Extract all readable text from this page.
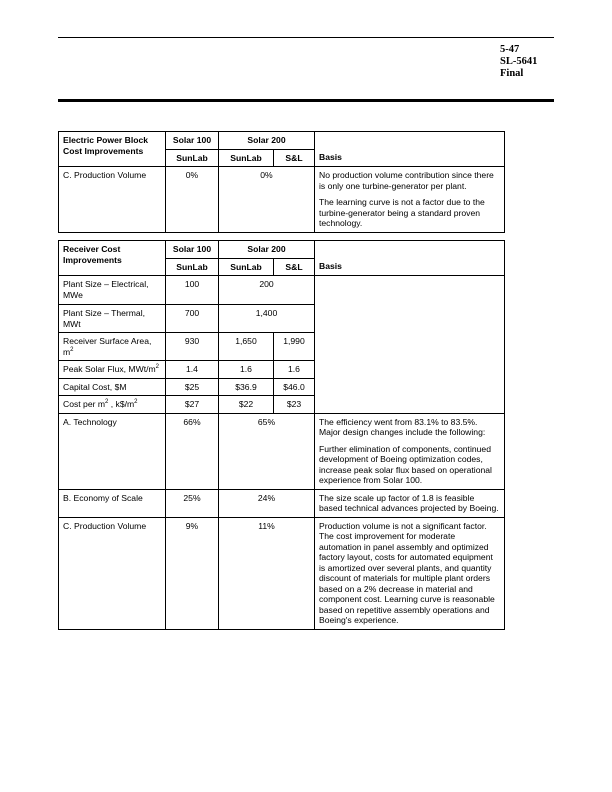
5-47
SL-5641
Final
Electric Power Block Cost Improvements	Solar 100	Solar 200		Basis
	SunLab	SunLab	S&L	
C. Production Volume	0%	0%		No production volume contribution since there is only one turbine-generator per plant.

The learning curve is not a factor due to the turbine-generator being a standard proven technology.

Receiver Cost Improvements	Solar 100	Solar 200		Basis
	SunLab	SunLab	S&L	
Plant Size – Electrical, MWe	100	200		
Plant Size – Thermal, MWt	700	1,400		
Receiver Surface Area, $m^2$	930	1,650	1,990	
Peak Solar Flux, MWt/$m^2$	1.4	1.6	1.6	
Capital Cost, $M	$25	$36.9	$46.0	
Cost per $m^2$ , $k\$/m^2$	$27	$22	$23	
A. Technology	66%	65%		The efficiency went from 83.1% to 83.5%. Major design changes include the following:

Further elimination of components, continued development of Boeing optimization codes, increase peak solar flux based on operational experience from Solar 100.

B. Economy of Scale	25%	24%		The size scale up factor of 1.8 is feasible based technical advances projected by Boeing.

C. Production Volume	9%	11%		Production volume is not a significant factor. The cost improvement for moderate automation in panel assembly and optimized factory layout, costs for automated equipment is amortized over several plants, and quantity discount of materials for multiple plant orders based on a 2% decrease in material and component cost. Learning curve is reasonable based on repetitive assembly operations and Boeing's experience.
